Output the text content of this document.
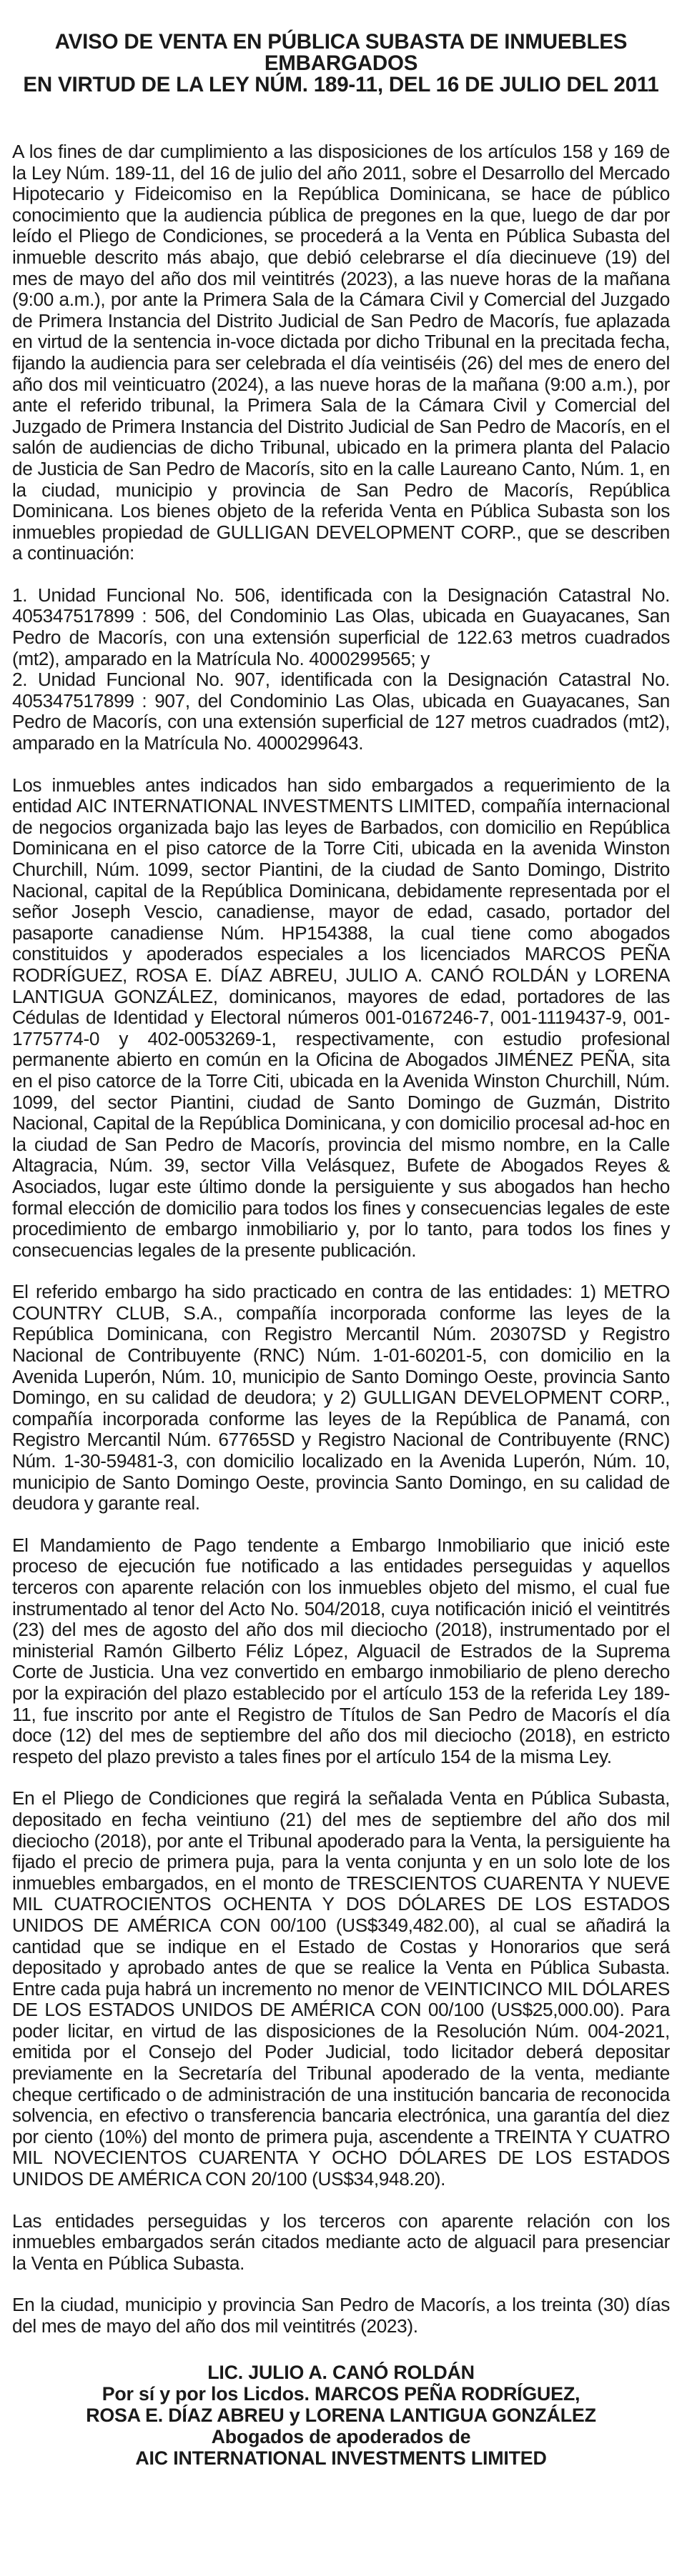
AVISO DE VENTA EN PÚBLICA SUBASTA DE INMUEBLES
EMBARGADOS
EN VIRTUD DE LA LEY NÚM. 189-11, DEL 16 DE JULIO DEL 2011

A los fines de dar cumplimiento a las disposiciones de los artículos 158 y 169 de la Ley Núm. 189-11, del 16 de julio del año 2011, sobre el Desarrollo del Mercado Hipotecario y Fideicomiso en la República Dominicana, se hace de público conocimiento que la audiencia pública de pregones en la que, luego de dar por leído el Pliego de Condiciones, se procederá a la Venta en Pública Subasta del inmueble descrito más abajo, que debió celebrarse el día diecinueve (19) del mes de mayo del año dos mil veintitrés (2023), a las nueve horas de la mañana (9:00 a.m.), por ante la Primera Sala de la Cámara Civil y Comercial del Juzgado de Primera Instancia del Distrito Judicial de San Pedro de Macorís, fue aplazada en virtud de la sentencia in-voce dictada por dicho Tribunal en la precitada fecha, fijando la audiencia para ser celebrada el día veintiséis (26) del mes de enero del año dos mil veinticuatro (2024), a las nueve horas de la mañana (9:00 a.m.), por ante el referido tribunal, la Primera Sala de la Cámara Civil y Comercial del Juzgado de Primera Instancia del Distrito Judicial de San Pedro de Macorís, en el salón de audiencias de dicho Tribunal, ubicado en la primera planta del Palacio de Justicia de San Pedro de Macorís, sito en la calle Laureano Canto, Núm. 1, en la ciudad, municipio y provincia de San Pedro de Macorís, República Dominicana. Los bienes objeto de la referida Venta en Pública Subasta son los inmuebles propiedad de GULLIGAN DEVELOPMENT CORP., que se describen a continuación:

1. Unidad Funcional No. 506, identificada con la Designación Catastral No. 405347517899 : 506, del Condominio Las Olas, ubicada en Guayacanes, San Pedro de Macorís, con una extensión superficial de 122.63 metros cuadrados (mt2), amparado en la Matrícula No. 4000299565; y

2. Unidad Funcional No. 907, identificada con la Designación Catastral No. 405347517899 : 907, del Condominio Las Olas, ubicada en Guayacanes, San Pedro de Macorís, con una extensión superficial de 127 metros cuadrados (mt2), amparado en la Matrícula No. 4000299643.

Los inmuebles antes indicados han sido embargados a requerimiento de la entidad AIC INTERNATIONAL INVESTMENTS LIMITED, compañía internacional de negocios organizada bajo las leyes de Barbados, con domicilio en República Dominicana en el piso catorce de la Torre Citi, ubicada en la avenida Winston Churchill, Núm. 1099, sector Piantini, de la ciudad de Santo Domingo, Distrito Nacional, capital de la República Dominicana, debidamente representada por el señor Joseph Vescio, canadiense, mayor de edad, casado, portador del pasaporte canadiense Núm. HP154388, la cual tiene como abogados constituidos y apoderados especiales a los licenciados MARCOS PEÑA RODRÍGUEZ, ROSA E. DÍAZ ABREU, JULIO A. CANÓ ROLDÁN y LORENA LANTIGUA GONZÁLEZ, dominicanos, mayores de edad, portadores de las Cédulas de Identidad y Electoral números 001-0167246-7, 001-1119437-9, 001-1775774-0 y 402-0053269-1, respectivamente, con estudio profesional permanente abierto en común en la Oficina de Abogados JIMÉNEZ PEÑA, sita en el piso catorce de la Torre Citi, ubicada en la Avenida Winston Churchill, Núm. 1099, del sector Piantini, ciudad de Santo Domingo de Guzmán, Distrito Nacional, Capital de la República Dominicana, y con domicilio procesal ad-hoc en la ciudad de San Pedro de Macorís, provincia del mismo nombre, en la Calle Altagracia, Núm. 39, sector Villa Velásquez, Bufete de Abogados Reyes & Asociados, lugar este último donde la persiguiente y sus abogados han hecho formal elección de domicilio para todos los fines y consecuencias legales de este procedimiento de embargo inmobiliario y, por lo tanto, para todos los fines y consecuencias legales de la presente publicación.

El referido embargo ha sido practicado en contra de las entidades: 1) METRO COUNTRY CLUB, S.A., compañía incorporada conforme las leyes de la República Dominicana, con Registro Mercantil Núm. 20307SD y Registro Nacional de Contribuyente (RNC) Núm. 1-01-60201-5, con domicilio en la Avenida Luperón, Núm. 10, municipio de Santo Domingo Oeste, provincia Santo Domingo, en su calidad de deudora; y 2) GULLIGAN DEVELOPMENT CORP., compañía incorporada conforme las leyes de la República de Panamá, con Registro Mercantil Núm. 67765SD y Registro Nacional de Contribuyente (RNC) Núm. 1-30-59481-3, con domicilio localizado en la Avenida Luperón, Núm. 10, municipio de Santo Domingo Oeste, provincia Santo Domingo, en su calidad de deudora y garante real.

El Mandamiento de Pago tendente a Embargo Inmobiliario que inició este proceso de ejecución fue notificado a las entidades perseguidas y aquellos terceros con aparente relación con los inmuebles objeto del mismo, el cual fue instrumentado al tenor del Acto No. 504/2018, cuya notificación inició el veintitrés (23) del mes de agosto del año dos mil dieciocho (2018), instrumentado por el ministerial Ramón Gilberto Féliz López, Alguacil de Estrados de la Suprema Corte de Justicia. Una vez convertido en embargo inmobiliario de pleno derecho por la expiración del plazo establecido por el artículo 153 de la referida Ley 189-11, fue inscrito por ante el Registro de Títulos de San Pedro de Macorís el día doce (12) del mes de septiembre del año dos mil dieciocho (2018), en estricto respeto del plazo previsto a tales fines por el artículo 154 de la misma Ley.

En el Pliego de Condiciones que regirá la señalada Venta en Pública Subasta, depositado en fecha veintiuno (21) del mes de septiembre del año dos mil dieciocho (2018), por ante el Tribunal apoderado para la Venta, la persiguiente ha fijado el precio de primera puja, para la venta conjunta y en un solo lote de los inmuebles embargados, en el monto de TRESCIENTOS CUARENTA Y NUEVE MIL CUATROCIENTOS OCHENTA Y DOS DÓLARES DE LOS ESTADOS UNIDOS DE AMÉRICA CON 00/100 (US$349,482.00), al cual se añadirá la cantidad que se indique en el Estado de Costas y Honorarios que será depositado y aprobado antes de que se realice la Venta en Pública Subasta. Entre cada puja habrá un incremento no menor de VEINTICINCO MIL DÓLARES DE LOS ESTADOS UNIDOS DE AMÉRICA CON 00/100 (US$25,000.00). Para poder licitar, en virtud de las disposiciones de la Resolución Núm. 004-2021, emitida por el Consejo del Poder Judicial, todo licitador deberá depositar previamente en la Secretaría del Tribunal apoderado de la venta, mediante cheque certificado o de administración de una institución bancaria de reconocida solvencia, en efectivo o transferencia bancaria electrónica, una garantía del diez por ciento (10%) del monto de primera puja, ascendente a TREINTA Y CUATRO MIL NOVECIENTOS CUARENTA Y OCHO DÓLARES DE LOS ESTADOS UNIDOS DE AMÉRICA CON 20/100 (US$34,948.20).

Las entidades perseguidas y los terceros con aparente relación con los inmuebles embargados serán citados mediante acto de alguacil para presenciar la Venta en Pública Subasta.

En la ciudad, municipio y provincia San Pedro de Macorís, a los treinta (30) días del mes de mayo del año dos mil veintitrés (2023).

LIC. JULIO A. CANÓ ROLDÁN
Por sí y por los Licdos. MARCOS PEÑA RODRÍGUEZ,
ROSA E. DÍAZ ABREU y LORENA LANTIGUA GONZÁLEZ
Abogados de apoderados de
AIC INTERNATIONAL INVESTMENTS LIMITED
